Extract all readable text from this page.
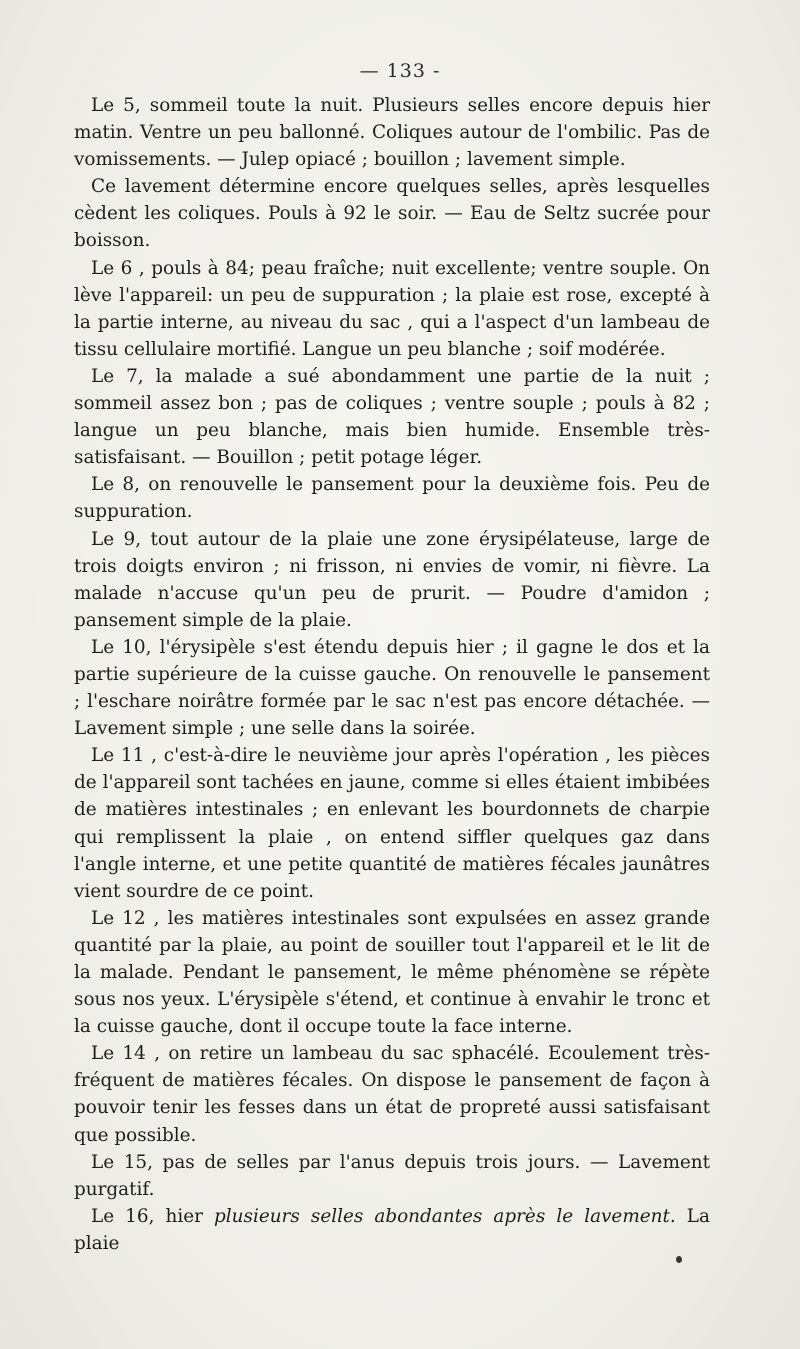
— 133 -

Le 5, sommeil toute la nuit. Plusieurs selles encore depuis hier matin. Ventre un peu ballonné. Coliques autour de l'ombilic. Pas de vomissements. — Julep opiacé ; bouillon ; lavement simple.

Ce lavement détermine encore quelques selles, après lesquelles cèdent les coliques. Pouls à 92 le soir. — Eau de Seltz sucrée pour boisson.

Le 6 , pouls à 84; peau fraîche; nuit excellente; ventre souple. On lève l'appareil: un peu de suppuration ; la plaie est rose, excepté à la partie interne, au niveau du sac , qui a l'aspect d'un lambeau de tissu cellulaire mortifié. Langue un peu blanche ; soif modérée.

Le 7, la malade a sué abondamment une partie de la nuit ; sommeil assez bon ; pas de coliques ; ventre souple ; pouls à 82 ; langue un peu blanche, mais bien humide. Ensemble très-satisfaisant. — Bouillon ; petit potage léger.

Le 8, on renouvelle le pansement pour la deuxième fois. Peu de suppuration.

Le 9, tout autour de la plaie une zone érysipélateuse, large de trois doigts environ ; ni frisson, ni envies de vomir, ni fièvre. La malade n'accuse qu'un peu de prurit. — Poudre d'amidon ; pansement simple de la plaie.

Le 10, l'érysipèle s'est étendu depuis hier ; il gagne le dos et la partie supérieure de la cuisse gauche. On renouvelle le pansement ; l'eschare noirâtre formée par le sac n'est pas encore détachée. — Lavement simple ; une selle dans la soirée.

Le 11 , c'est-à-dire le neuvième jour après l'opération , les pièces de l'appareil sont tachées en jaune, comme si elles étaient imbibées de matières intestinales ; en enlevant les bourdonnets de charpie qui remplissent la plaie , on entend siffler quelques gaz dans l'angle interne, et une petite quantité de matières fécales jaunâtres vient sourdre de ce point.

Le 12 , les matières intestinales sont expulsées en assez grande quantité par la plaie, au point de souiller tout l'appareil et le lit de la malade. Pendant le pansement, le même phénomène se répète sous nos yeux. L'érysipèle s'étend, et continue à envahir le tronc et la cuisse gauche, dont il occupe toute la face interne.

Le 14 , on retire un lambeau du sac sphacélé. Ecoulement très-fréquent de matières fécales. On dispose le pansement de façon à pouvoir tenir les fesses dans un état de propreté aussi satisfaisant que possible.

Le 15, pas de selles par l'anus depuis trois jours. — Lavement purgatif.

Le 16, hier plusieurs selles abondantes après le lavement. La plaie
